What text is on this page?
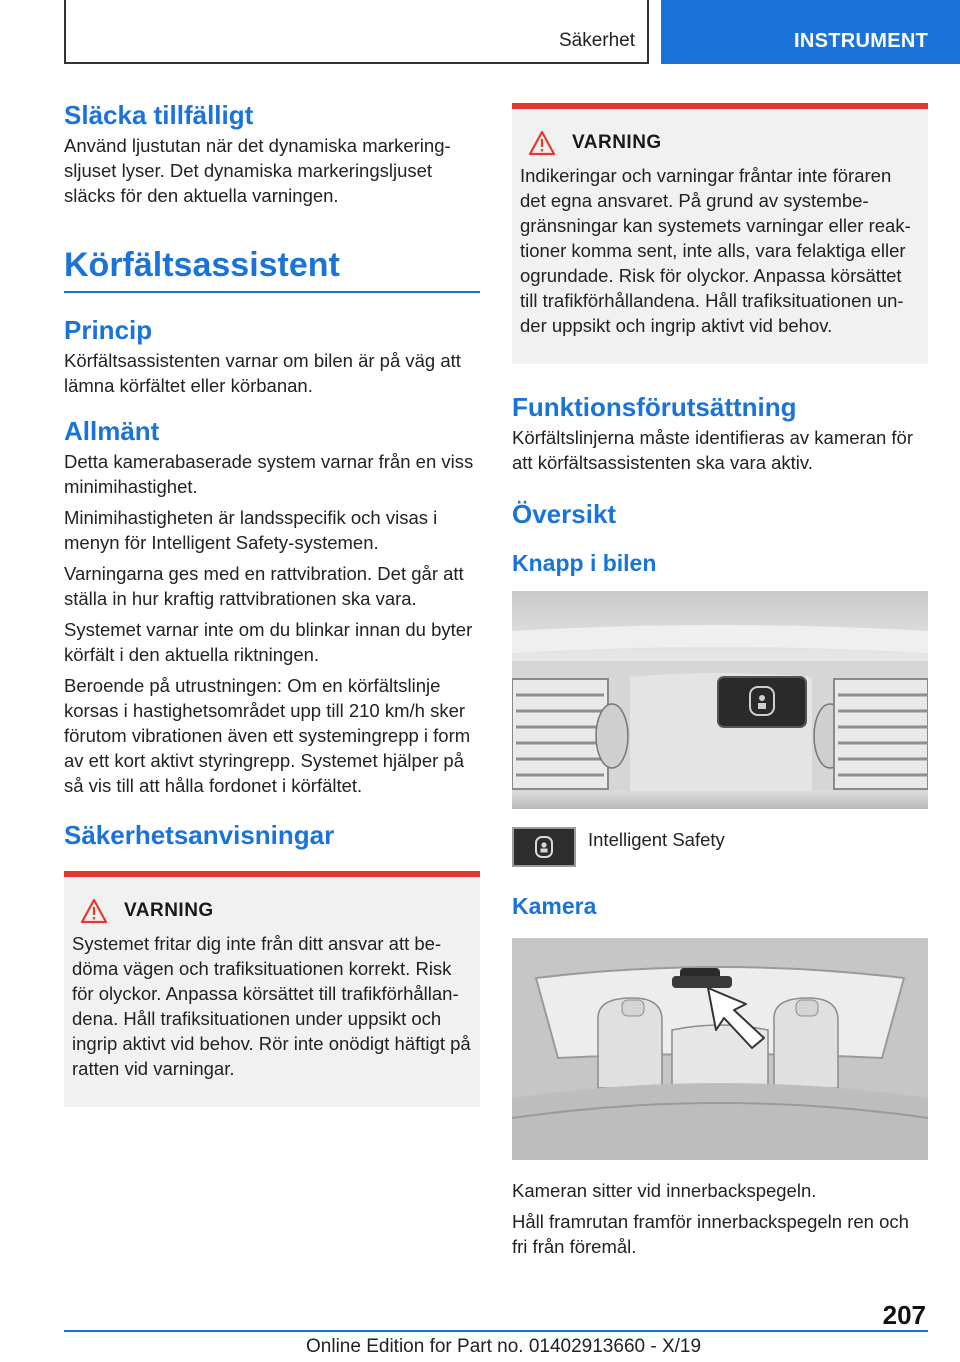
Säkerhet	INSTRUMENT
Släcka tillfälligt

Använd ljustutan när det dynamiska markeringsljuset lyser. Det dynamiska markeringsljuset släcks för den aktuella varningen.

Körfältsassistent
Princip

Körfältsassistenten varnar om bilen är på väg att lämna körfältet eller körbanan.

Allmänt

Detta kamerabaserade system varnar från en viss minimihastighet.

Minimihastigheten är landsspecifik och visas i menyn för Intelligent Safety-systemen.

Varningarna ges med en rattvibration. Det går att ställa in hur kraftig rattvibrationen ska vara.

Systemet varnar inte om du blinkar innan du byter körfält i den aktuella riktningen.

Beroende på utrustningen: Om en körfältslinje korsas i hastighetsområdet upp till 210 km/h sker förutom vibrationen även ett systemingrepp i form av ett kort aktivt styringrepp. Systemet hjälper på så vis till att hålla fordonet i körfältet.

Säkerhetsanvisningar
VARNING

Systemet fritar dig inte från ditt ansvar att bedöma vägen och trafiksituationen korrekt. Risk för olyckor. Anpassa körsättet till trafikförhållandena. Håll trafiksituationen under uppsikt och ingrip aktivt vid behov. Rör inte onödigt häftigt på ratten vid varningar.

VARNING

Indikeringar och varningar fråntar inte föraren det egna ansvaret. På grund av systembegränsningar kan systemets varningar eller reaktioner komma sent, inte alls, vara felaktiga eller ogrundade. Risk för olyckor. Anpassa körsättet till trafikförhållandena. Håll trafiksituationen under uppsikt och ingrip aktivt vid behov.

Funktionsförutsättning

Körfältslinjerna måste identifieras av kameran för att körfältsassistenten ska vara aktiv.

Översikt
Knapp i bilen
Intelligent Safety
Kamera

Kameran sitter vid innerbackspegeln.

Håll framrutan framför innerbackspegeln ren och fri från föremål.

207
Online Edition for Part no. 01402913660 - X/19
